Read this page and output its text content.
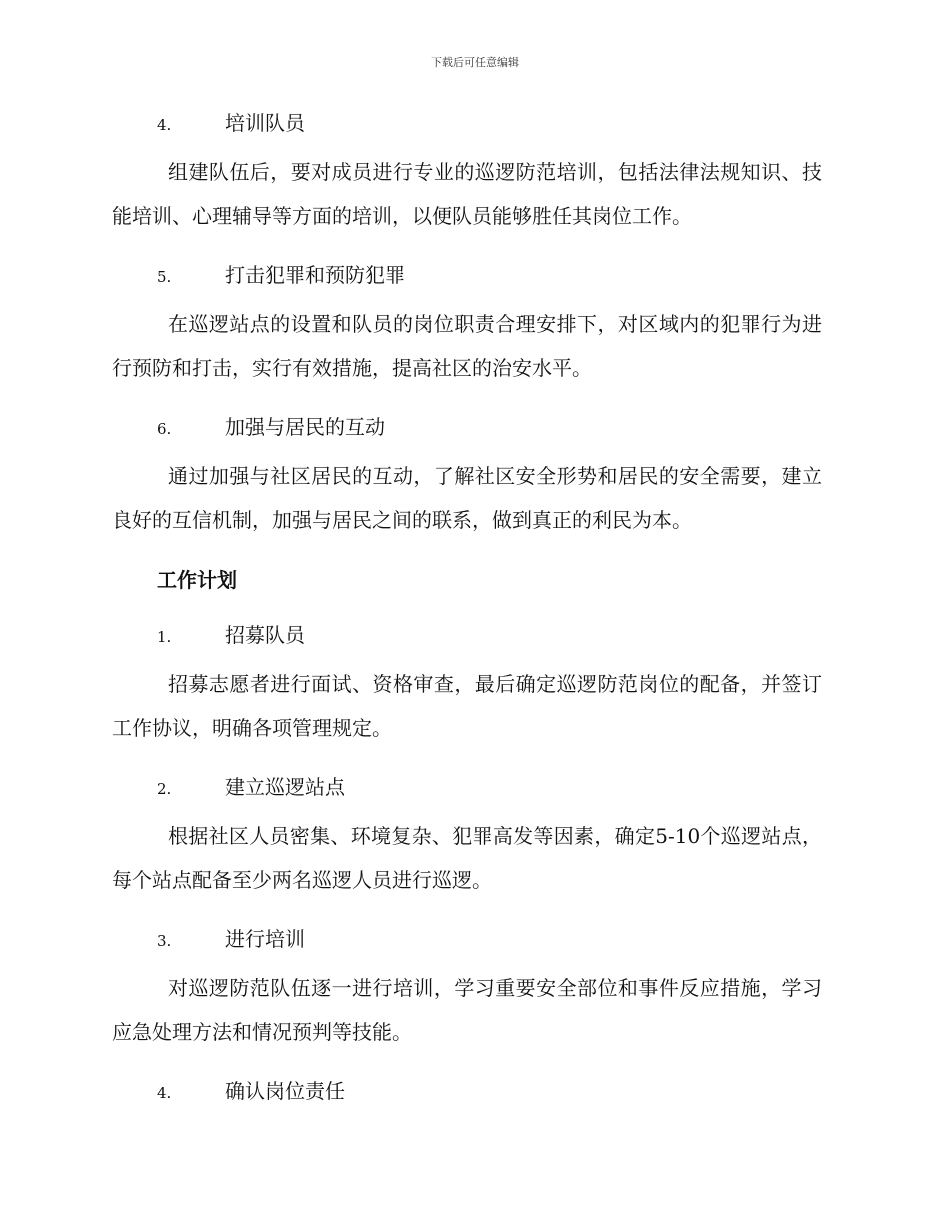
下载后可任意编辑
4.	培训队员

组建队伍后，要对成员进行专业的巡逻防范培训，包括法律法规知识、技能培训、心理辅导等方面的培训，以便队员能够胜任其岗位工作。

5.	打击犯罪和预防犯罪

在巡逻站点的设置和队员的岗位职责合理安排下，对区域内的犯罪行为进行预防和打击，实行有效措施，提高社区的治安水平。

6.	加强与居民的互动

通过加强与社区居民的互动，了解社区安全形势和居民的安全需要，建立良好的互信机制，加强与居民之间的联系，做到真正的利民为本。

工作计划
1.	招募队员

招募志愿者进行面试、资格审查，最后确定巡逻防范岗位的配备，并签订工作协议，明确各项管理规定。

2.	建立巡逻站点

根据社区人员密集、环境复杂、犯罪高发等因素，确定5-10个巡逻站点，每个站点配备至少两名巡逻人员进行巡逻。

3.	进行培训

对巡逻防范队伍逐一进行培训，学习重要安全部位和事件反应措施，学习应急处理方法和情况预判等技能。

4.	确认岗位责任
